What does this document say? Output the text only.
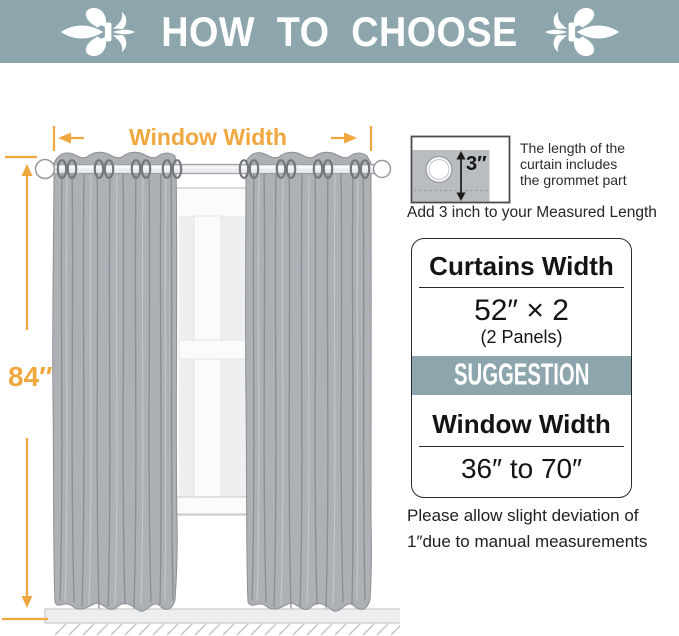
HOW TO CHOOSE
Window Width
84″
3″
The length of the
curtain includes
the grommet part
Add 3 inch to your Measured Length
Curtains Width
52″ × 2
(2 Panels)
SUGGESTION
Window Width
36″ to 70″
Please allow slight deviation of
1″due to manual measurements
